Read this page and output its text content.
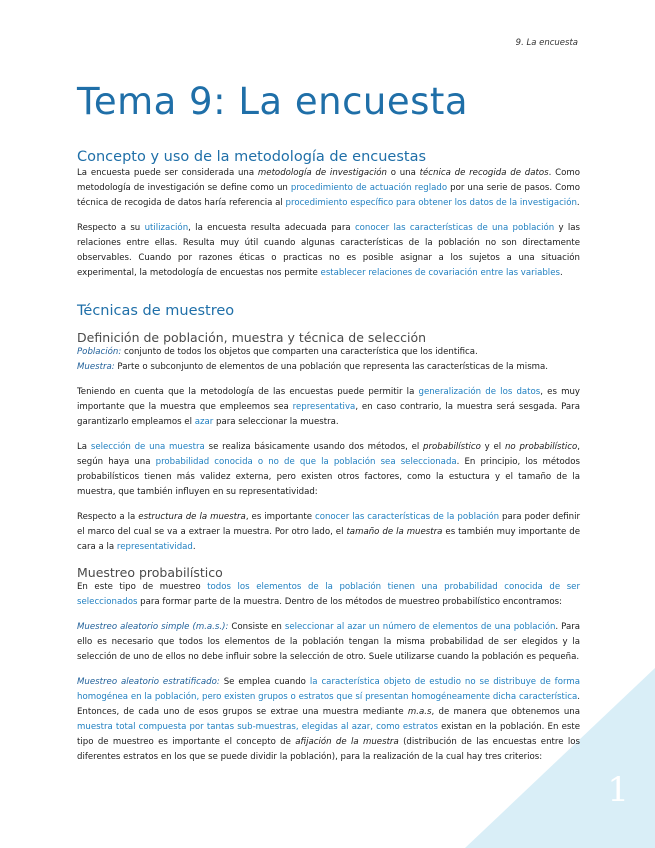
1
9. La encuesta
Tema 9: La encuesta
Concepto y uso de la metodología de encuestas

La encuesta puede ser considerada una metodología de investigación o una técnica de recogida de datos. Como metodología de investigación se define como un procedimiento de actuación reglado por una serie de pasos. Como técnica de recogida de datos haría referencia al procedimiento específico para obtener los datos de la investigación.

Respecto a su utilización, la encuesta resulta adecuada para conocer las características de una población y las relaciones entre ellas. Resulta muy útil cuando algunas características de la población no son directamente observables. Cuando por razones éticas o practicas no es posible asignar a los sujetos a una situación experimental, la metodología de encuestas nos permite establecer relaciones de covariación entre las variables.

Técnicas de muestreo
Definición de población, muestra y técnica de selección

Población: conjunto de todos los objetos que comparten una característica que los identifica.

Muestra: Parte o subconjunto de elementos de una población que representa las características de la misma.

Teniendo en cuenta que la metodología de las encuestas puede permitir la generalización de los datos, es muy importante que la muestra que empleemos sea representativa, en caso contrario, la muestra será sesgada. Para garantizarlo empleamos el azar para seleccionar la muestra.

La selección de una muestra se realiza básicamente usando dos métodos, el probabilístico y el no probabilístico, según haya una probabilidad conocida o no de que la población sea seleccionada. En principio, los métodos probabilísticos tienen más validez externa, pero existen otros factores, como la estuctura y el tamaño de la muestra, que también influyen en su representatividad:

Respecto a la estructura de la muestra, es importante conocer las características de la población para poder definir el marco del cual se va a extraer la muestra. Por otro lado, el tamaño de la muestra es también muy importante de cara a la representatividad.

Muestreo probabilístico

En este tipo de muestreo todos los elementos de la población tienen una probabilidad conocida de ser seleccionados para formar parte de la muestra. Dentro de los métodos de muestreo probabilístico encontramos:

Muestreo aleatorio simple (m.a.s.): Consiste en seleccionar al azar un número de elementos de una población. Para ello es necesario que todos los elementos de la población tengan la misma probabilidad de ser elegidos y la selección de uno de ellos no debe influir sobre la selección de otro. Suele utilizarse cuando la población es pequeña.

Muestreo aleatorio estratificado: Se emplea cuando la característica objeto de estudio no se distribuye de forma homogénea en la población, pero existen grupos o estratos que sí presentan homogéneamente dicha característica. Entonces, de cada uno de esos grupos se extrae una muestra mediante m.a.s, de manera que obtenemos una muestra total compuesta por tantas sub-muestras, elegidas al azar, como estratos existan en la población. En este tipo de muestreo es importante el concepto de afijación de la muestra (distribución de las encuestas entre los diferentes estratos en los que se puede dividir la población), para la realización de la cual hay tres criterios:
